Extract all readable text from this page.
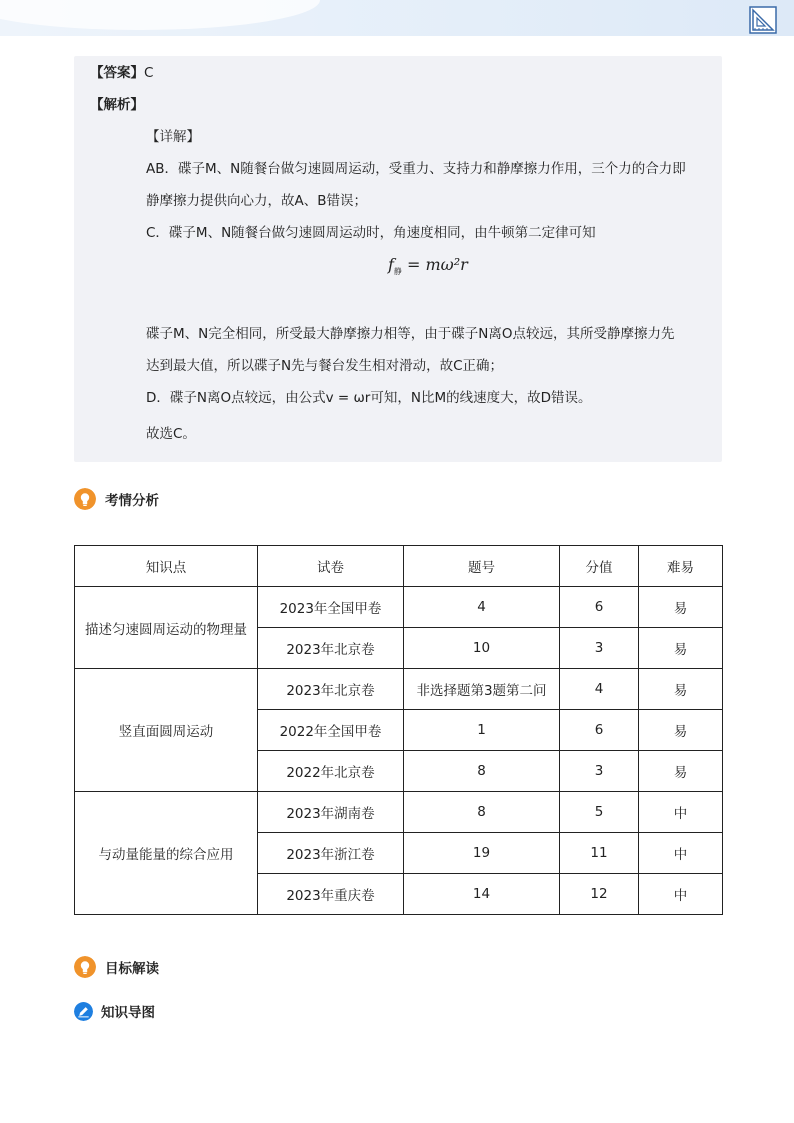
【答案】C
【解析】
【详解】
AB．碟子M、N随餐台做匀速圆周运动，受重力、支持力和静摩擦力作用，三个力的合力即
静摩擦力提供向心力，故A、B错误；
C．碟子M、N随餐台做匀速圆周运动时，角速度相同，由牛顿第二定律可知
$f_静 = m\omega^2r$
碟子M、N完全相同，所受最大静摩擦力相等，由于碟子N离O点较远，其所受静摩擦力先
达到最大值，所以碟子N先与餐台发生相对滑动，故C正确；
D．碟子N离O点较远，由公式v = ωr可知，N比M的线速度大，故D错误。
故选C。
考情分析
知识点	试卷	题号	分值	难易
描述匀速圆周运动的物理量	2023年全国甲卷	4	6	易
	2023年北京卷	10	3	易
竖直面圆周运动	2023年北京卷	非选择题第3题第二问	4	易
	2022年全国甲卷	1	6	易
	2022年北京卷	8	3	易
与动量能量的综合应用	2023年湖南卷	8	5	中
	2023年浙江卷	19	11	中
	2023年重庆卷	14	12	中
目标解读
知识导图
